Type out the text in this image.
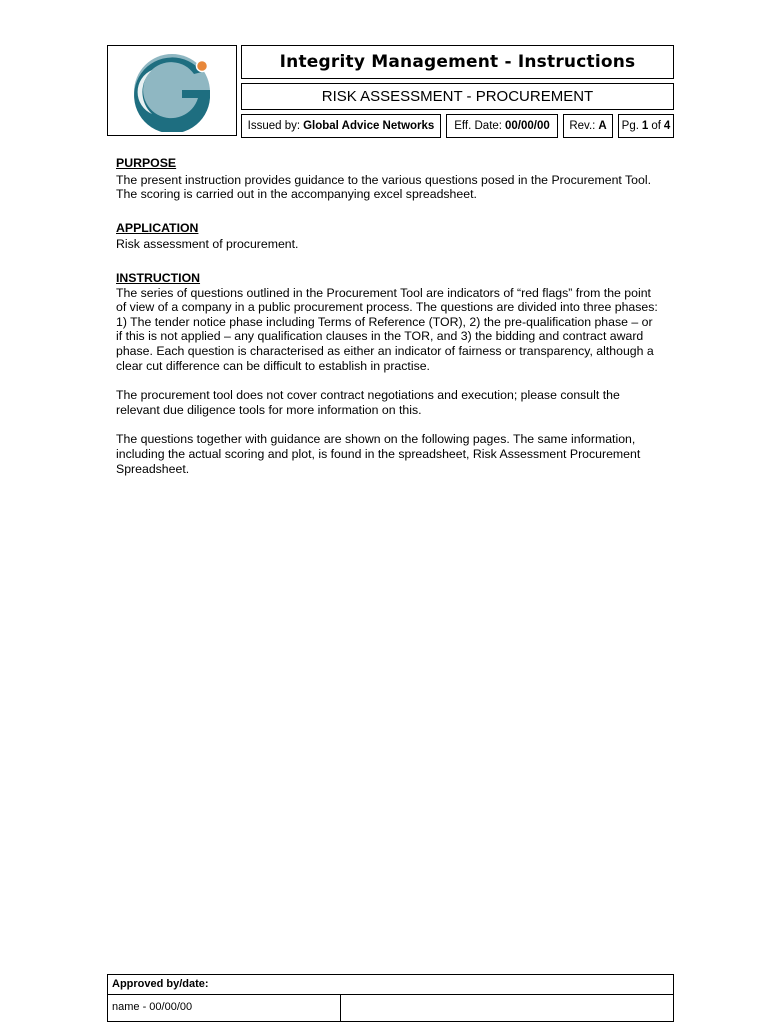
Integrity Management - Instructions
RISK ASSESSMENT - PROCUREMENT
Issued by: Global Advice Networks Eff. Date: 00/00/00 Rev.: A Pg. 1 of 4

PURPOSE

The present instruction provides guidance to the various questions posed in the Procurement Tool. The scoring is carried out in the accompanying excel spreadsheet.

APPLICATION

Risk assessment of procurement.

INSTRUCTION

The series of questions outlined in the Procurement Tool are indicators of “red flags” from the point of view of a company in a public procurement process. The questions are divided into three phases: 1) The tender notice phase including Terms of Reference (TOR), 2) the pre-qualification phase – or if this is not applied – any qualification clauses in the TOR, and 3) the bidding and contract award phase. Each question is characterised as either an indicator of fairness or transparency, although a clear cut difference can be difficult to establish in practise.

The procurement tool does not cover contract negotiations and execution; please consult the relevant due diligence tools for more information on this.

The questions together with guidance are shown on the following pages. The same information, including the actual scoring and plot, is found in the spreadsheet, Risk Assessment Procurement Spreadsheet.

Approved by/date:
name - 00/00/00
